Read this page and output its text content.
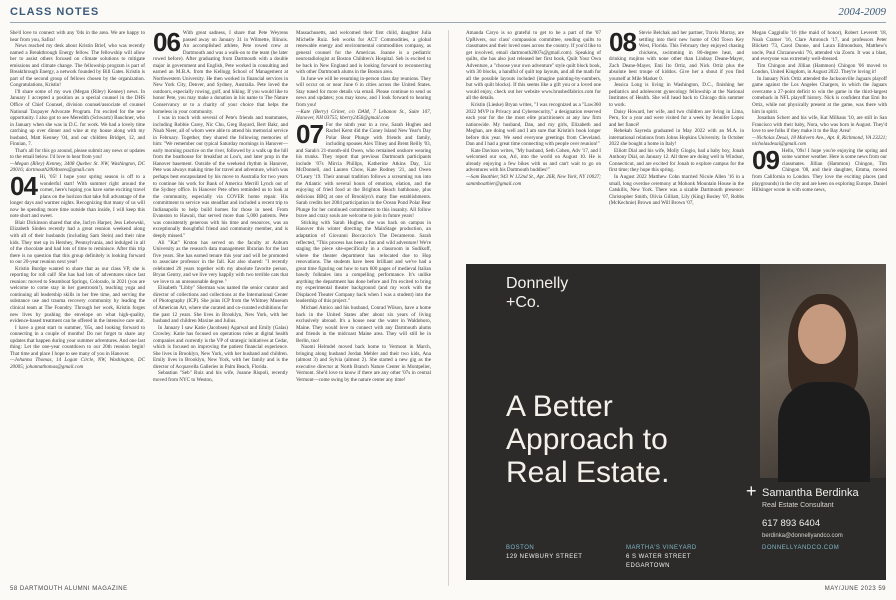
CLASS NOTES	2004-2009

She'd love to connect with any '04s in the area. We are happy to hear from you, Safira!

News reached my desk about Kristin Brief, who was recently named a Breakthrough Energy fellow. The fellowship will allow her to assist others focused on climate solutions to mitigate emissions and climate change. The fellowship program is part of Breakthrough Energy, a network founded by Bill Gates. Kristin is part of the second group of fellows chosen by the organization. Congratulations, Kristin!

I'll share some of my own (Megan (Riley) Kenney) news. In January I accepted a position as a special counsel in the DHS Office of Chief Counsel, division counsel/associate of counsel National Taxpayer Advocate Program. I'm excited for the new opportunity. I also got to see Meredith (Schwartz) Bauchner, who in January when she was in D.C. for work. We had a lovely time catching up over dinner and wine at my house along with my husband, Matt Kenney '04, and our children Bridget, 12, and Finnian, 7.

That's all for this go around, please submit any news or updates to the email below. I'd love to hear from you!

—Megan (Riley) Kenney, 3408 Quebec St. NW, Washington, DC 20016; dartmouth2004notes@gmail.com

04 Hi, '05! I hope your spring season is off to a wonderful start! With summer right around the corner, here's hoping you have some exciting travel plans on the horizon that take full advantage of the longer days and warmer nights. Recognizing that many of us will now be spending more time outside than inside, I will keep this note short and sweet.

Blair Dickinson shared that she, Jaclyn Harper, Jess Lebowski, Elizabeth Sinden recently had a great reunion weekend along with all of their husbands (including Sam Stein) and their nine kids. They met up in Hershey, Pennsylvania, and indulged in all of the chocolate and had lots of time to reminisce. After this trip there is no question that this group definitely is looking forward to our 20-year reunion next year!

Kristin Burdge wanted to share that as our class VP, she is reporting for roll call! She has had lots of adventures since last reunion: moved to Steamboat Springs, Colorado, in 2021 (you are welcome to come stay in her guestroom!), teaching yoga and continuing all leadership skills in her free time, and serving the substance use and trauma recovery community by leading the clinical team at The Foundry. Through her work, Kristin forges new lives by pushing the envelope on what high-quality, evidence-based treatment can be offered in the intensive care unit.

I have a great start to summer, '05s, and looking forward to connecting in a couple of months! Do not forget to share any updates that happen during your summer adventures. And one last thing: Let the one-year countdown to our 20th reunion begin! That time and place I hope to see many of you in Hanover.

—Johanna Thomas, 14 Logan Circle, NW, Washington, DC 20005; johannathomas@gmail.com

06 With great sadness, I share that Pete Weyrens passed away on January 31 in Wilmette, Illinois. An accomplished athlete, Pete rowed crew at Dartmouth and was a walk-on to the team (he later rowed before). After graduating from Dartmouth with a double major in government and English, Pete worked in consulting and earned an M.B.A. from the Kellogg School of Management at Northwestern University. He then worked in financial services in New York City, Denver, and Sydney, Australia. Pete loved the outdoors, especially rowing, golf, and hiking. If you would like to honor Pete, you may make a donation in his name to The Nature Conservancy or to a charity of your choice that helps the homeless in your community.

I was in touch with several of Pete's friends and teammates, including Robbie Carey, Nic Chu, Greg Bayard, Bert Bakr, and Noah Nieer, all of whom were able to attend his memorial service in February. Together, they shared the following memories of him: "We remember our typical Saturday mornings in Hanover—early morning practice on the river, followed by a walk up the hill from the boathouse for breakfast at Lou's, and later prop in the Hanover basement. Outside of the weekend rhythm in Hanover, Pete was always making time for travel and adventure, which was perhaps best encapsulated by his move to Australia for two years to continue his work for Bank of America Merrill Lynch out of the Sydney office. In Hanover Pete often reminded us to look at the community, especially via COVER home repair. His commitment to service was steadfast and included a recent trip to Indianapolis to help build homes for those in need. From Evanston to Hawaii, that served more than 5,000 patients. Pete was consistently generous with his time and resources, was an exceptionally thoughtful friend and community member, and is deeply missed."

Ali "Kat" Krston has served on the faculty at Auburn University as the research data management librarian for the last five years. She has earned tenure this year and will be promoted to associate professor in the fall. Kat also shared: "I recently celebrated 20 years together with my absolute favorite person, Bryan Gentry, and we live very happily with two terrible cats that we love to an unreasonable degree."

Elisabeth "Libby" Sherman was named the senior curator and director of collections and collections at the International Center of Photography (ICP). She joins ICP from the Whitney Museum of American Art, where she curated and co-curated exhibitions for the past 12 years. She lives in Brooklyn, New York, with her husband and children Maxine and Julius.

In January I saw Katie (Jacobsen) Agarwal and Emily (Galas) Crowley. Katie has focused on operations roles at digital health companies and currently is the VP of strategic initiatives at Cedar, which is focused on improving the patient financial experience. She lives in Brooklyn, New York, with her husband and children. Emily lives in Brooklyn, New York, with her family and is the director of Acquavella Galleries in Palm Beach, Florida.

Sebastian "Seb" Ruiz and his wife, Joanne Rispoli, recently moved from NYC to Weston,

Massachusetts, and welcomed their first child, daughter Julia Michelle Ruiz. Seb works for ACT Commodities, a global renewable energy and environmental commodities company, as general counsel for the Americas. Joanne is a pediatric neuroradiologist at Boston Children's Hospital. Seb is excited to be back in New England and is looking forward to reconnecting with other Dartmouth alums in the Boston area.

In June we will be resuming in-person class day reunions. They will occur on or near June 6 in cities across the United States. Stay tuned for more details via email. Please continue to send us news and updates; you may know, and I look forward to hearing from you!

—Kate (Berry) Griner, c/o DAM, 7 Lebanon St., Suite 107, Hanover, NH 03755; kberry2456@gmail.com

07 For the ninth year in a row, Sarah Hughes and Rachel Kerst did the Coney Island New Year's Day Polar Bear Plunge with friends and family, including spouses Alex Tilney and Brent Reilly '03, and Sarah's 21-month-old Owen, who remained onshore wearing his trunks. They report that previous Dartmouth participants include '07s Mircia Phillips, Katherine Atkins Day, Liz McDonnell, and Lauren Chow, Kate Rodney '21, and Owen O'Leary '19. Their annual tradition follows a screaming run into the Atlantic with several hours of emotion, elation, and the enjoying of fried food at the Brighton Beach bathhouse, plus delicious BBQ at one of Brooklyn's many fine establishments. Sarah credits her 2004 participation in the Ocean Pond Polar Bear Plunge for her continued commitment to this insanity. All follow brave and crazy souls are welcome to join in future years!

Sticking with Sarah Hughes, she was back on campus in Hanover this winter directing the MainStage production, an adaptation of Giovanni Boccaccio's The Decameron. Sarah reflected, "This process has been a fun and wild adventure! We're staging the piece site-specifically in a classroom in Sudikoff, where the theater department has relocated due to Hop renovations. The students have been brilliant and we've had a great time figuring out how to turn 600 pages of medieval Italian bawdy folktales into a compelling performance. It's unlike anything the department has done before and I'm excited to bring my experimental theater background (and my work with the Displaced Theater Company back when I was a student) into the leadership of this project."

Michael Amico and his husband, Conrad Wilson, have a home back in the United States after about six years of living exclusively abroad. It's a house near the water in Waldoboro, Maine. They would love to connect with any Dartmouth alums and friends in the midcoast Maine area. They will still be in Berlin, too!

Naomi Helmdel moved back home to Vermont in March, bringing along husband Jordan Mehler and their two kids, Ana (almost 3) and Sylvia (almost 2). She started a new gig as the executive director at North Branch Nature Center in Montpelier, Vermont. She'd love to know if there are any other '07s in central Vermont—come swing by the nature center any time!

Amanda Caryo is so grateful to get to be a part of the '07 UpRivers, our class' compassion committee, sending quilts to classmates and their loved ones across the country. If you'd like to get involved, email dartmouth2007s@gmail.com). Speaking of quilts, she has also just released her first book, Quilt Your Own Adventure, a "choose your own adventure" style quilt block book, with 30 blocks, a handful of quilt top layouts, and all the math for all the possible layouts included (imagine painting-by-numbers, but with quilt blocks). If this seems like a gift you or a loved one would enjoy, check out her website www.brushedfabrics.com for all the details.

Kristin (Lieske) Bryan writes, "I was recognized as a "Law360 2022 MVP in Privacy and Cybersecurity," a designation reserved each year for the the most elite practitioners at any law firm nationwide. My husband, Dan, and my girls, Elizabeth and Meghan, are doing well and I am sure that Kristin's book longer before this year. We send everyone greetings from Cleveland. Dan and I had a great time connecting with people over reunion!"

Kate Davison writes, "My husband, Seth Cohen, Adv '17, and I welcomed our son, Ari, into the world on August 10. He is already enjoying a few bikes with us and can't wait to go on adventures with his Dartmouth buddies!"

—Sam Boathier, 943 W 122nd St., Apt. 26B, New York, NY 10027; sammboathier@gmail.com

08 Stevie Belchak and her partner, Travis Murray, are settling into their new home of Old Town Key West, Florida. This February they enjoyed chasing chickens, swimming in 80-degree heat, and drinking mojitos with none other than Lindsay Deane-Mayer, Zach Deane-Mayer, Emi Ito Ortiz, and Nick Ortiz plus the absolute best troupe of kiddos. Give her a shout if you find yourself at Mile Marker 0.

Jessica Long is living in Washington, D.C., finishing her pediatrics and adolescent gynecology fellowship at the National Institutes of Health. She will head back to Chicago this summer to work.

Daisy Howard, her wife, and two children are living in Lima, Peru, for a year and were visited for a week by Jennifer Lopez and her fiancé!

Rebekah Sayreda graduated in May 2022 with an M.A. in international relations from Johns Hopkins University. In October 2022 she bought a home in Italy!

Elliott Dial and his wife, Molly Glogio, had a baby boy, Jonah Anthony Dial, on January 12. All three are doing well in Windsor, Connecticut, and are excited for Jonah to explore campus for the first time; they hope this spring.

In August 2022 Matthew Cohn married Nicole Allen '16 in a small, long overdue ceremony at Mohonk Mountain House in the Catskills, New York. There was a sizable Dartmouth presence: Christopher Smith, Olivia Gilliatt, Lily (King) Bosley '07, Robbs (McKechnie) Brown and Will Brown '07,

Megan Caggiullo '16 (the maid of honor), Robert Leverett '18, Noah Cramer '16, Clare Amrouch '17, and professors Peter Blickett '73, Carol Dunne, and Laura Edmondson, Matthew's uncle, Paul Chrzanowski '76, attended via Zoom. It was a blast, and everyone was extremely well-dressed.

Tim Chingon and Jillian (Hammon) Chingon '06 moved to London, United Kingdom, in August 2022. They're loving it!

In January Nick Ortiz attended the Jacksonville Jaguars playoff game against the Los Angeles Chargers, in which the Jaguars overcame a 27-point deficit to win the game in the third-largest comeback in NFL playoff history. Nick is confident that Emi Ito Ortiz, while not physically present at the game, was there with him in spirit.

Jonathan Scherr and his wife, Kat Milhaus '10, are still in San Francisco with their baby, Nora, who was born in August. They'd love to see folks if they make it to the Bay Area!

—Nicholas Desai, 18 Malvern Ave., Apt. 8, Richmond, VA 23221; nicholasdesai@gmail.com

09 Hello, '09s! I hope you're enjoying the spring and some warmer weather. Here is some news from our classmates. Jillian (Hammon) Chingon, Tim Chingon '08, and their daughter, Emma, moved from California to London. They love the exciting places (and playgrounds) in the city and are keen on exploring Europe. Daniel Hillsinger wrote in with some news,

Donnelly
+Co.
A Better
Approach to
Real Estate.
+ Samantha Berdinka
Real Estate Consultant
617 893 6404
berdinka@donnellyandco.com
BOSTON
129 NEWBURY STREET
MARTHA'S VINEYARD
6 S WATER STREET
EDGARTOWN
DONNELLYANDCO.COM
58 DARTMOUTH ALUMNI MAGAZINE	MAY/JUNE 2023 59
